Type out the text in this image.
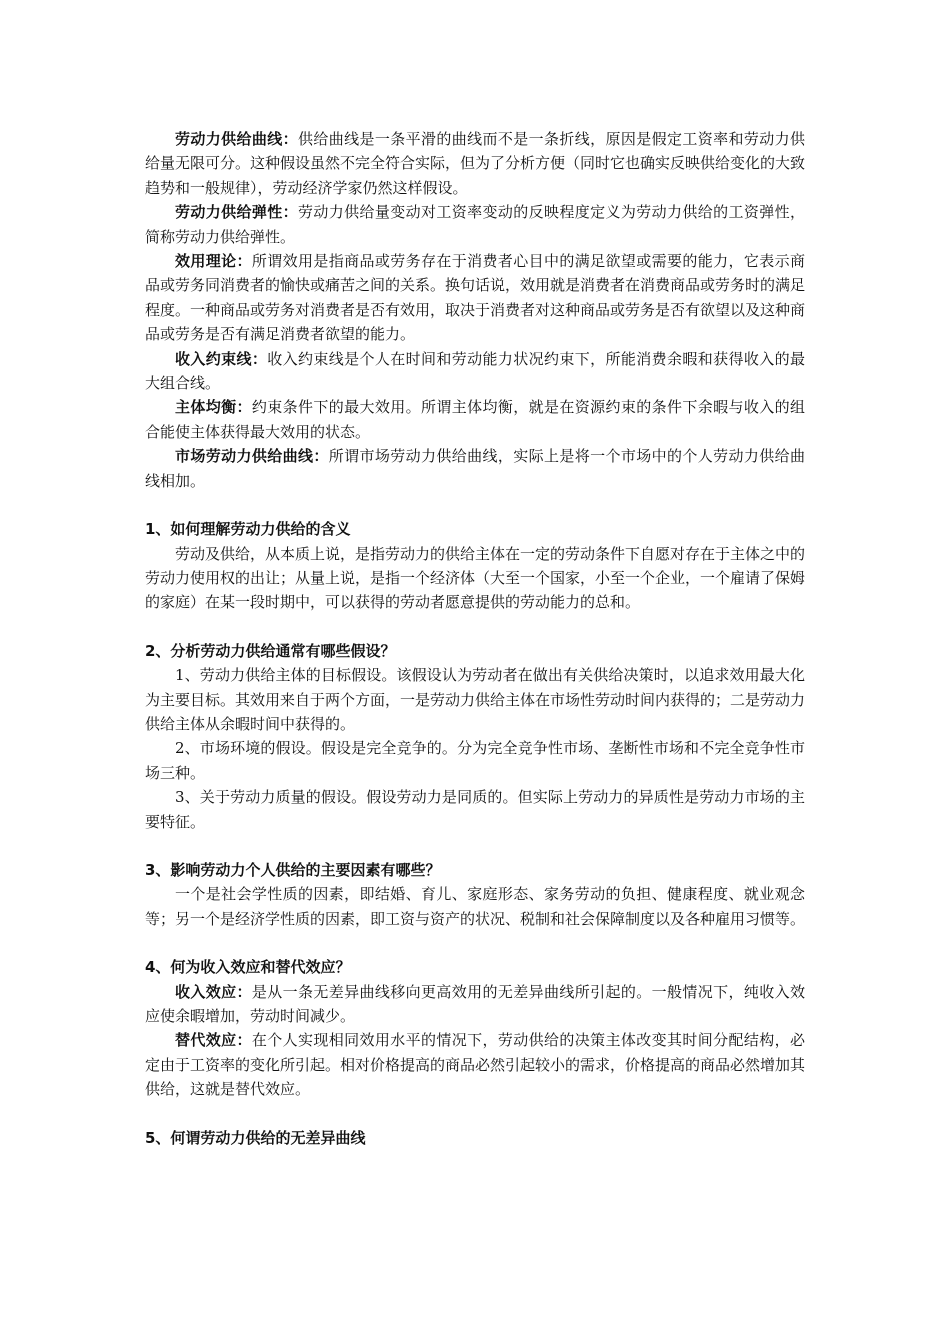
劳动力供给曲线：供给曲线是一条平滑的曲线而不是一条折线，原因是假定工资率和劳动力供给量无限可分。这种假设虽然不完全符合实际，但为了分析方便（同时它也确实反映供给变化的大致趋势和一般规律），劳动经济学家仍然这样假设。

劳动力供给弹性：劳动力供给量变动对工资率变动的反映程度定义为劳动力供给的工资弹性，简称劳动力供给弹性。

效用理论：所谓效用是指商品或劳务存在于消费者心目中的满足欲望或需要的能力，它表示商品或劳务同消费者的愉快或痛苦之间的关系。换句话说，效用就是消费者在消费商品或劳务时的满足程度。一种商品或劳务对消费者是否有效用，取决于消费者对这种商品或劳务是否有欲望以及这种商品或劳务是否有满足消费者欲望的能力。

收入约束线：收入约束线是个人在时间和劳动能力状况约束下，所能消费余暇和获得收入的最大组合线。

主体均衡：约束条件下的最大效用。所谓主体均衡，就是在资源约束的条件下余暇与收入的组合能使主体获得最大效用的状态。

市场劳动力供给曲线：所谓市场劳动力供给曲线，实际上是将一个市场中的个人劳动力供给曲线相加。

1、如何理解劳动力供给的含义

劳动及供给，从本质上说，是指劳动力的供给主体在一定的劳动条件下自愿对存在于主体之中的劳动力使用权的出让；从量上说，是指一个经济体（大至一个国家，小至一个企业，一个雇请了保姆的家庭）在某一段时期中，可以获得的劳动者愿意提供的劳动能力的总和。

2、分析劳动力供给通常有哪些假设？

1、劳动力供给主体的目标假设。该假设认为劳动者在做出有关供给决策时，以追求效用最大化为主要目标。其效用来自于两个方面，一是劳动力供给主体在市场性劳动时间内获得的；二是劳动力供给主体从余暇时间中获得的。

2、市场环境的假设。假设是完全竞争的。分为完全竞争性市场、垄断性市场和不完全竞争性市场三种。

3、关于劳动力质量的假设。假设劳动力是同质的。但实际上劳动力的异质性是劳动力市场的主要特征。

3、影响劳动力个人供给的主要因素有哪些？

一个是社会学性质的因素，即结婚、育儿、家庭形态、家务劳动的负担、健康程度、就业观念等；另一个是经济学性质的因素，即工资与资产的状况、税制和社会保障制度以及各种雇用习惯等。

4、何为收入效应和替代效应？

收入效应：是从一条无差异曲线移向更高效用的无差异曲线所引起的。一般情况下，纯收入效应使余暇增加，劳动时间减少。

替代效应：在个人实现相同效用水平的情况下，劳动供给的决策主体改变其时间分配结构，必定由于工资率的变化所引起。相对价格提高的商品必然引起较小的需求，价格提高的商品必然增加其供给，这就是替代效应。

5、何谓劳动力供给的无差异曲线
